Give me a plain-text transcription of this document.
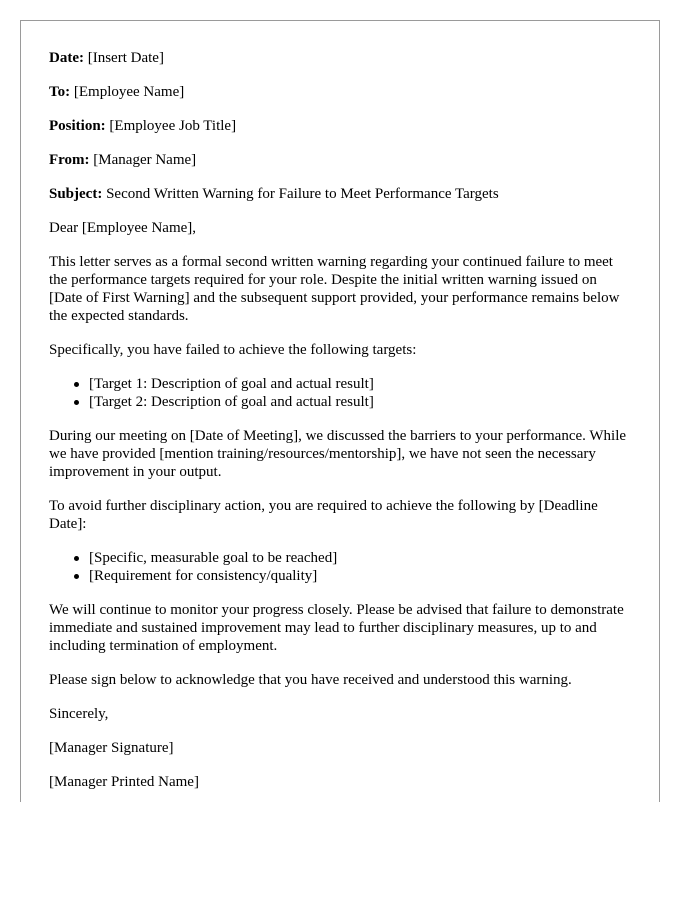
Date: [Insert Date]

To: [Employee Name]

Position: [Employee Job Title]

From: [Manager Name]

Subject: Second Written Warning for Failure to Meet Performance Targets

Dear [Employee Name],

This letter serves as a formal second written warning regarding your continued failure to meet the performance targets required for your role. Despite the initial written warning issued on [Date of First Warning] and the subsequent support provided, your performance remains below the expected standards.

Specifically, you have failed to achieve the following targets:

[Target 1: Description of goal and actual result]
[Target 2: Description of goal and actual result]

During our meeting on [Date of Meeting], we discussed the barriers to your performance. While we have provided [mention training/resources/mentorship], we have not seen the necessary improvement in your output.

To avoid further disciplinary action, you are required to achieve the following by [Deadline Date]:

[Specific, measurable goal to be reached]
[Requirement for consistency/quality]

We will continue to monitor your progress closely. Please be advised that failure to demonstrate immediate and sustained improvement may lead to further disciplinary measures, up to and including termination of employment.

Please sign below to acknowledge that you have received and understood this warning.

Sincerely,

[Manager Signature]

[Manager Printed Name]
